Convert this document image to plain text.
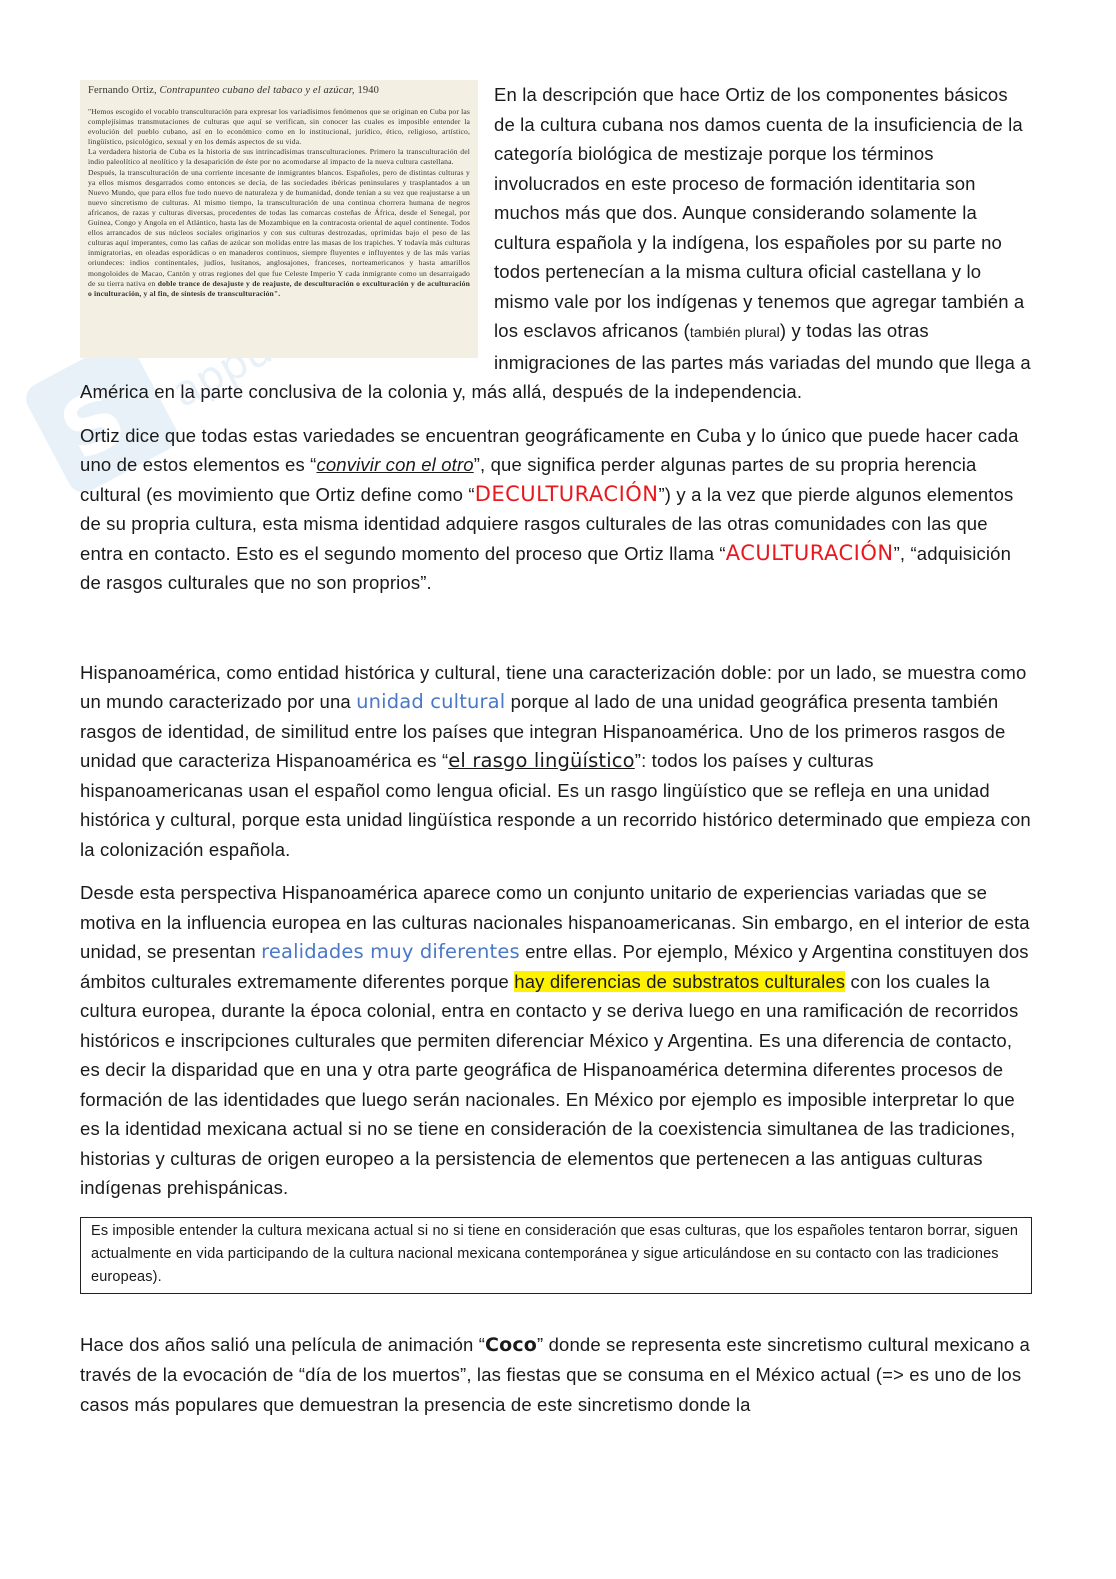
S
Fernando Ortiz, Contrapunteo cubano del tabaco y el azúcar, 1940
"Hemos escogido el vocablo transculturación para expresar los variadísimos fenómenos que se originan en Cuba por las complejísimas transmutaciones de culturas que aquí se verifican, sin conocer las cuales es imposible entender la evolución del pueblo cubano, así en lo económico como en lo institucional, jurídico, ético, religioso, artístico, lingüístico, psicológico, sexual y en los demás aspectos de su vida.
La verdadera historia de Cuba es la historia de sus intrincadísimas transculturaciones. Primero la transculturación del indio paleolítico al neolítico y la desaparición de éste por no acomodarse al impacto de la nueva cultura castellana.
Después, la transculturación de una corriente incesante de inmigrantes blancos. Españoles, pero de distintas culturas y ya ellos mismos desgarrados como entonces se decía, de las sociedades ibéricas peninsulares y trasplantados a un Nuevo Mundo, que para ellos fue todo nuevo de naturaleza y de humanidad, donde tenían a su vez que reajustarse a un nuevo sincretismo de culturas. Al mismo tiempo, la transculturación de una continua chorrera humana de negros africanos, de razas y culturas diversas, procedentes de todas las comarcas costeñas de África, desde el Senegal, por Guinea, Congo y Angola en el Atlántico, hasta las de Mozambique en la contracosta oriental de aquel continente. Todos ellos arrancados de sus núcleos sociales originarios y con sus culturas destrozadas, oprimidas bajo el peso de las culturas aquí imperantes, como las cañas de azúcar son molidas entre las masas de los trapiches. Y todavía más culturas inmigratorias, en oleadas esporádicas o en manaderos continuos, siempre fluyentes e influyentes y de las más varias oriundeces: indios continentales, judíos, lusitanos, anglosajones, franceses, norteamericanos y hasta amarillos mongoloides de Macao, Cantón y otras regiones del que fue Celeste Imperio Y cada inmigrante como un desarraigado de su tierra nativa en doble trance de desajuste y de reajuste, de desculturación o exculturación y de aculturación o inculturación, y al fin, de síntesis de transculturación".

En la descripción que hace Ortiz de los componentes básicos de la cultura cubana nos damos cuenta de la insuficiencia de la categoría biológica de mestizaje porque los términos involucrados en este proceso de formación identitaria son muchos más que dos. Aunque considerando solamente la cultura española y la indígena, los españoles por su parte no todos pertenecían a la misma cultura oficial castellana y lo mismo vale por los indígenas y tenemos que agregar también a los esclavos africanos (también plural) y todas las otras inmigraciones de las partes más variadas del mundo que llega a América en la parte conclusiva de la colonia y, más allá, después de la independencia.

Ortiz dice que todas estas variedades se encuentran geográficamente en Cuba y lo único que puede hacer cada uno de estos elementos es “convivir con el otro”, que significa perder algunas partes de su propria herencia cultural (es movimiento que Ortiz define como “DECULTURACIÓN”) y a la vez que pierde algunos elementos de su propria cultura, esta misma identidad adquiere rasgos culturales de las otras comunidades con las que entra en contacto. Esto es el segundo momento del proceso que Ortiz llama “ACULTURACIÓN”, “adquisición de rasgos culturales que no son proprios”.

Hispanoamérica, como entidad histórica y cultural, tiene una caracterización doble: por un lado, se muestra como un mundo caracterizado por una unidad cultural porque al lado de una unidad geográfica presenta también rasgos de identidad, de similitud entre los países que integran Hispanoamérica. Uno de los primeros rasgos de unidad que caracteriza Hispanoamérica es “el rasgo lingüístico”: todos los países y culturas hispanoamericanas usan el español como lengua oficial. Es un rasgo lingüístico que se refleja en una unidad histórica y cultural, porque esta unidad lingüística responde a un recorrido histórico determinado que empieza con la colonización española.

Desde esta perspectiva Hispanoamérica aparece como un conjunto unitario de experiencias variadas que se motiva en la influencia europea en las culturas nacionales hispanoamericanas. Sin embargo, en el interior de esta unidad, se presentan realidades muy diferentes entre ellas. Por ejemplo, México y Argentina constituyen dos ámbitos culturales extremamente diferentes porque hay diferencias de substratos culturales con los cuales la cultura europea, durante la época colonial, entra en contacto y se deriva luego en una ramificación de recorridos históricos e inscripciones culturales que permiten diferenciar México y Argentina. Es una diferencia de contacto, es decir la disparidad que en una y otra parte geográfica de Hispanoamérica determina diferentes procesos de formación de las identidades que luego serán nacionales. En México por ejemplo es imposible interpretar lo que es la identidad mexicana actual si no se tiene en consideración de la coexistencia simultanea de las tradiciones, historias y culturas de origen europeo a la persistencia de elementos que pertenecen a las antiguas culturas indígenas prehispánicas.

Es imposible entender la cultura mexicana actual si no si tiene en consideración que esas culturas, que los españoles tentaron borrar, siguen actualmente en vida participando de la cultura nacional mexicana contemporánea y sigue articulándose en su contacto con las tradiciones europeas).

Hace dos años salió una película de animación “Coco” donde se representa este sincretismo cultural mexicano a través de la evocación de “día de los muertos”, las fiestas que se consuma en el México actual (=> es uno de los casos más populares que demuestran la presencia de este sincretismo donde la
